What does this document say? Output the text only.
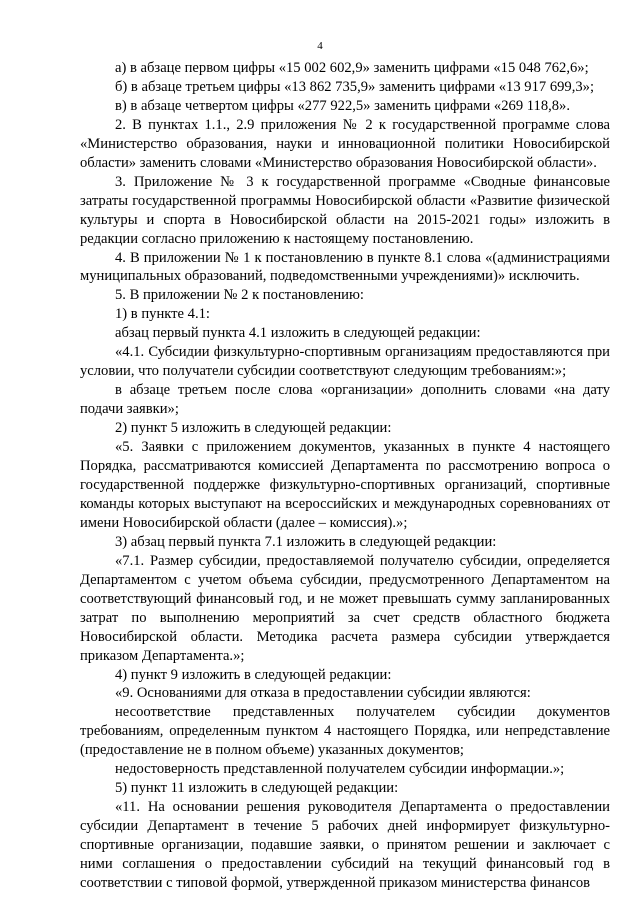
4

а) в абзаце первом цифры «15 002 602,9» заменить цифрами «15 048 762,6»;

б) в абзаце третьем цифры «13 862 735,9» заменить цифрами «13 917 699,3»;

в) в абзаце четвертом цифры «277 922,5» заменить цифрами «269 118,8».

2. В пунктах 1.1., 2.9 приложения № 2 к государственной программе слова «Министерство образования, науки и инновационной политики Новосибирской области» заменить словами «Министерство образования Новосибирской области».

3. Приложение № 3 к государственной программе «Сводные финансовые затраты государственной программы Новосибирской области «Развитие физической культуры и спорта в Новосибирской области на 2015-2021 годы» изложить в редакции согласно приложению к настоящему постановлению.

4. В приложении № 1 к постановлению в пункте 8.1 слова «(администрациями муниципальных образований, подведомственными учреждениями)» исключить.

5. В приложении № 2 к постановлению:

1) в пункте 4.1:

абзац первый пункта 4.1 изложить в следующей редакции:

«4.1. Субсидии физкультурно-спортивным организациям предоставляются при условии, что получатели субсидии соответствуют следующим требованиям:»;

в абзаце третьем после слова «организации» дополнить словами «на дату подачи заявки»;

2) пункт 5 изложить в следующей редакции:

«5. Заявки с приложением документов, указанных в пункте 4 настоящего Порядка, рассматриваются комиссией Департамента по рассмотрению вопроса о государственной поддержке физкультурно-спортивных организаций, спортивные команды которых выступают на всероссийских и международных соревнованиях от имени Новосибирской области (далее – комиссия).»;

3) абзац первый пункта 7.1 изложить в следующей редакции:

«7.1. Размер субсидии, предоставляемой получателю субсидии, определяется Департаментом с учетом объема субсидии, предусмотренного Департаментом на соответствующий финансовый год, и не может превышать сумму запланированных затрат по выполнению мероприятий за счет средств областного бюджета Новосибирской области. Методика расчета размера субсидии утверждается приказом Департамента.»;

4) пункт 9 изложить в следующей редакции:

«9. Основаниями для отказа в предоставлении субсидии являются:

несоответствие представленных получателем субсидии документов требованиям, определенным пунктом 4 настоящего Порядка, или непредставление (предоставление не в полном объеме) указанных документов;

недостоверность представленной получателем субсидии информации.»;

5) пункт 11 изложить в следующей редакции:

«11. На основании решения руководителя Департамента о предоставлении субсидии Департамент в течение 5 рабочих дней информирует физкультурно-спортивные организации, подавшие заявки, о принятом решении и заключает с ними соглашения о предоставлении субсидий на текущий финансовый год в соответствии с типовой формой, утвержденной приказом министерства финансов
